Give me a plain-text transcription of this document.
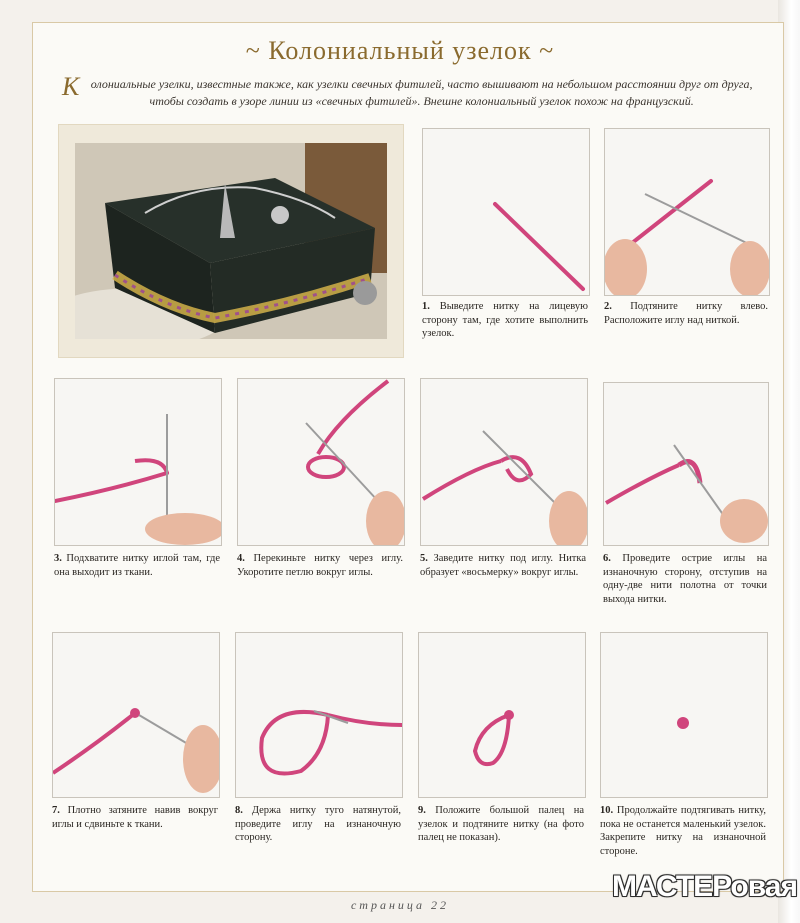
~ Колониальный узелок ~
Колониальные узелки, известные также, как узелки свечных фитилей, часто вышивают на небольшом расстоянии друг от друга, чтобы создать в узоре линии из «свечных фитилей». Внешне колониальный узелок похож на французский.
1. Выведите нитку на лицевую сторону там, где хотите выполнить узелок.
2. Подтяните нитку влево. Расположите иглу над ниткой.
3. Подхватите нитку иглой там, где она выходит из ткани.
4. Перекиньте нитку через иглу. Укоротите петлю вокруг иглы.
5. Заведите нитку под иглу. Нитка образует «восьмерку» вокруг иглы.
6. Проведите острие иглы на изнаночную сторону, отступив на одну-две нити полотна от точки выхода нитки.
7. Плотно затяните навив вокруг иглы и сдвиньте к ткани.
8. Держа нитку туго натянутой, проведите иглу на изнаночную сторону.
9. Положите большой палец на узелок и подтяните нитку (на фото палец не показан).
10. Продолжайте подтягивать нитку, пока не останется маленький узелок. Закрепите нитку на изнаночной стороне.
страница 22
МАСТЕРовая
